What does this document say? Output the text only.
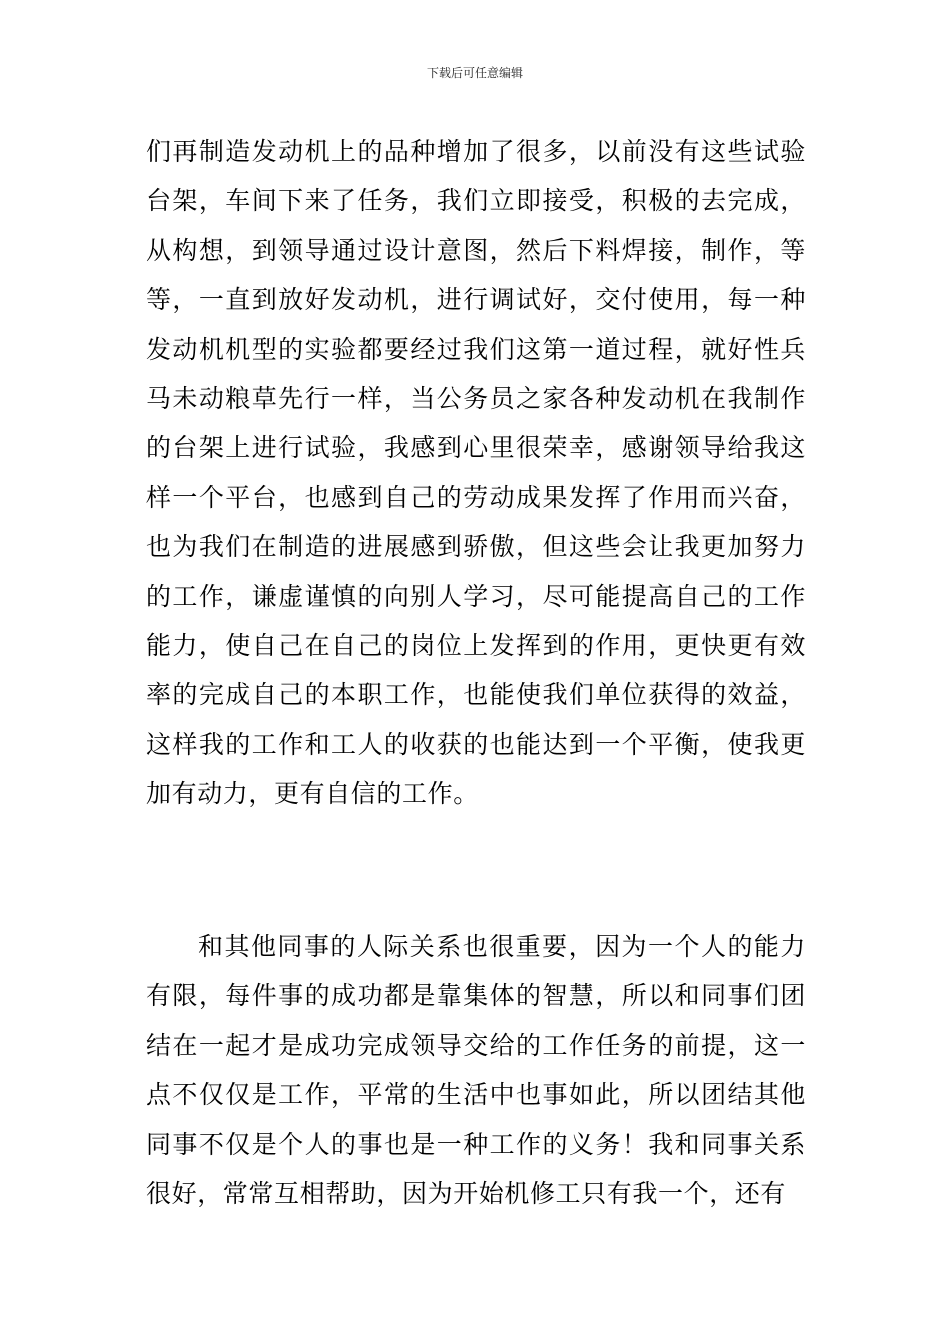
下载后可任意编辑

们再制造发动机上的品种增加了很多，以前没有这些试验台架，车间下来了任务，我们立即接受，积极的去完成，从构想，到领导通过设计意图，然后下料焊接，制作，等等，一直到放好发动机，进行调试好，交付使用，每一种发动机机型的实验都要经过我们这第一道过程，就好性兵马未动粮草先行一样，当公务员之家各种发动机在我制作的台架上进行试验，我感到心里很荣幸，感谢领导给我这样一个平台，也感到自己的劳动成果发挥了作用而兴奋，也为我们在制造的进展感到骄傲，但这些会让我更加努力的工作，谦虚谨慎的向别人学习，尽可能提高自己的工作能力，使自己在自己的岗位上发挥到的作用，更快更有效率的完成自己的本职工作，也能使我们单位获得的效益，这样我的工作和工人的收获的也能达到一个平衡，使我更加有动力，更有自信的工作。

和其他同事的人际关系也很重要，因为一个人的能力有限，每件事的成功都是靠集体的智慧，所以和同事们团结在一起才是成功完成领导交给的工作任务的前提，这一点不仅仅是工作，平常的生活中也事如此，所以团结其他同事不仅是个人的事也是一种工作的义务！我和同事关系很好，常常互相帮助，因为开始机修工只有我一个，还有
